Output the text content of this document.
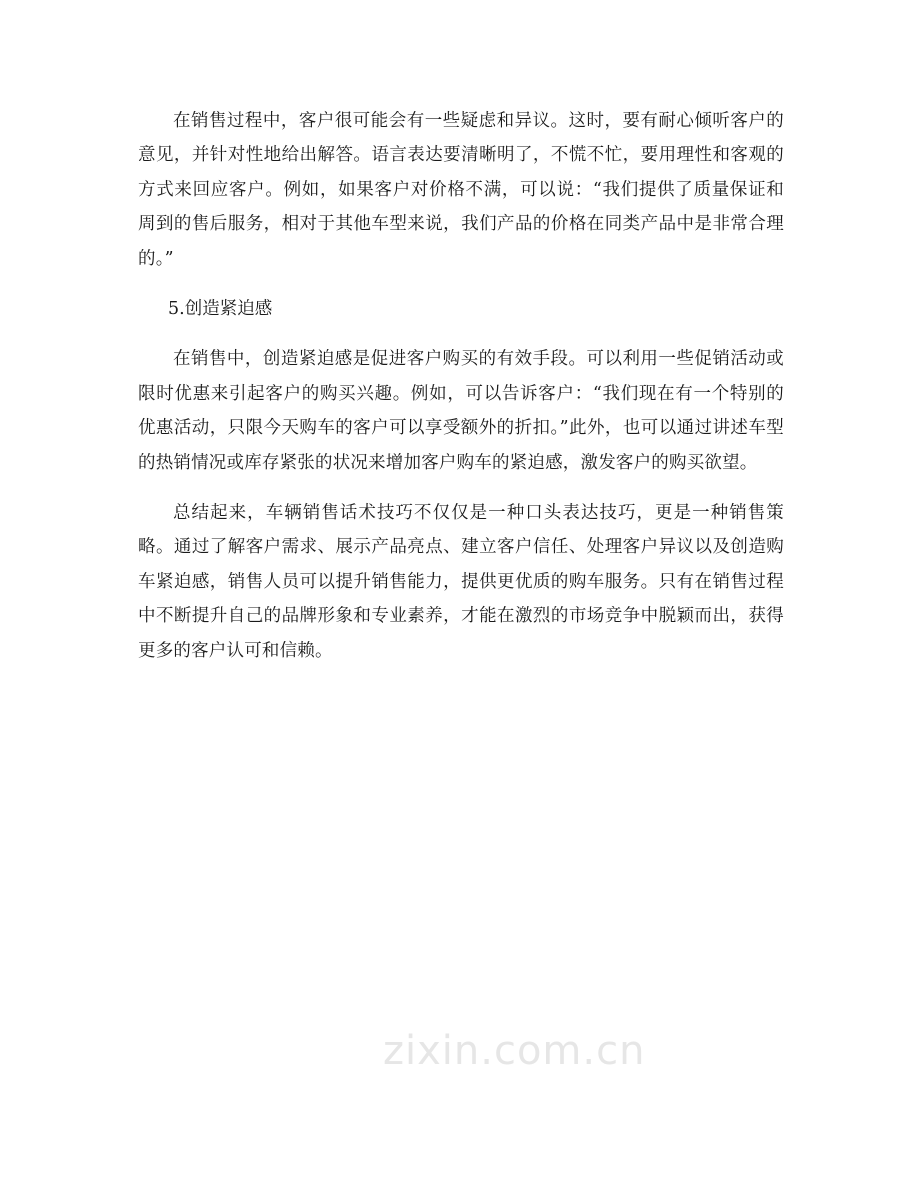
在销售过程中，客户很可能会有一些疑虑和异议。这时，要有耐心倾听客户的意见，并针对性地给出解答。语言表达要清晰明了，不慌不忙，要用理性和客观的方式来回应客户。例如，如果客户对价格不满，可以说：“我们提供了质量保证和周到的售后服务，相对于其他车型来说，我们产品的价格在同类产品中是非常合理的。”

5.创造紧迫感

在销售中，创造紧迫感是促进客户购买的有效手段。可以利用一些促销活动或限时优惠来引起客户的购买兴趣。例如，可以告诉客户：“我们现在有一个特别的优惠活动，只限今天购车的客户可以享受额外的折扣。”此外，也可以通过讲述车型的热销情况或库存紧张的状况来增加客户购车的紧迫感，激发客户的购买欲望。

总结起来，车辆销售话术技巧不仅仅是一种口头表达技巧，更是一种销售策略。通过了解客户需求、展示产品亮点、建立客户信任、处理客户异议以及创造购车紧迫感，销售人员可以提升销售能力，提供更优质的购车服务。只有在销售过程中不断提升自己的品牌形象和专业素养，才能在激烈的市场竞争中脱颖而出，获得更多的客户认可和信赖。

zixin.com.cn
